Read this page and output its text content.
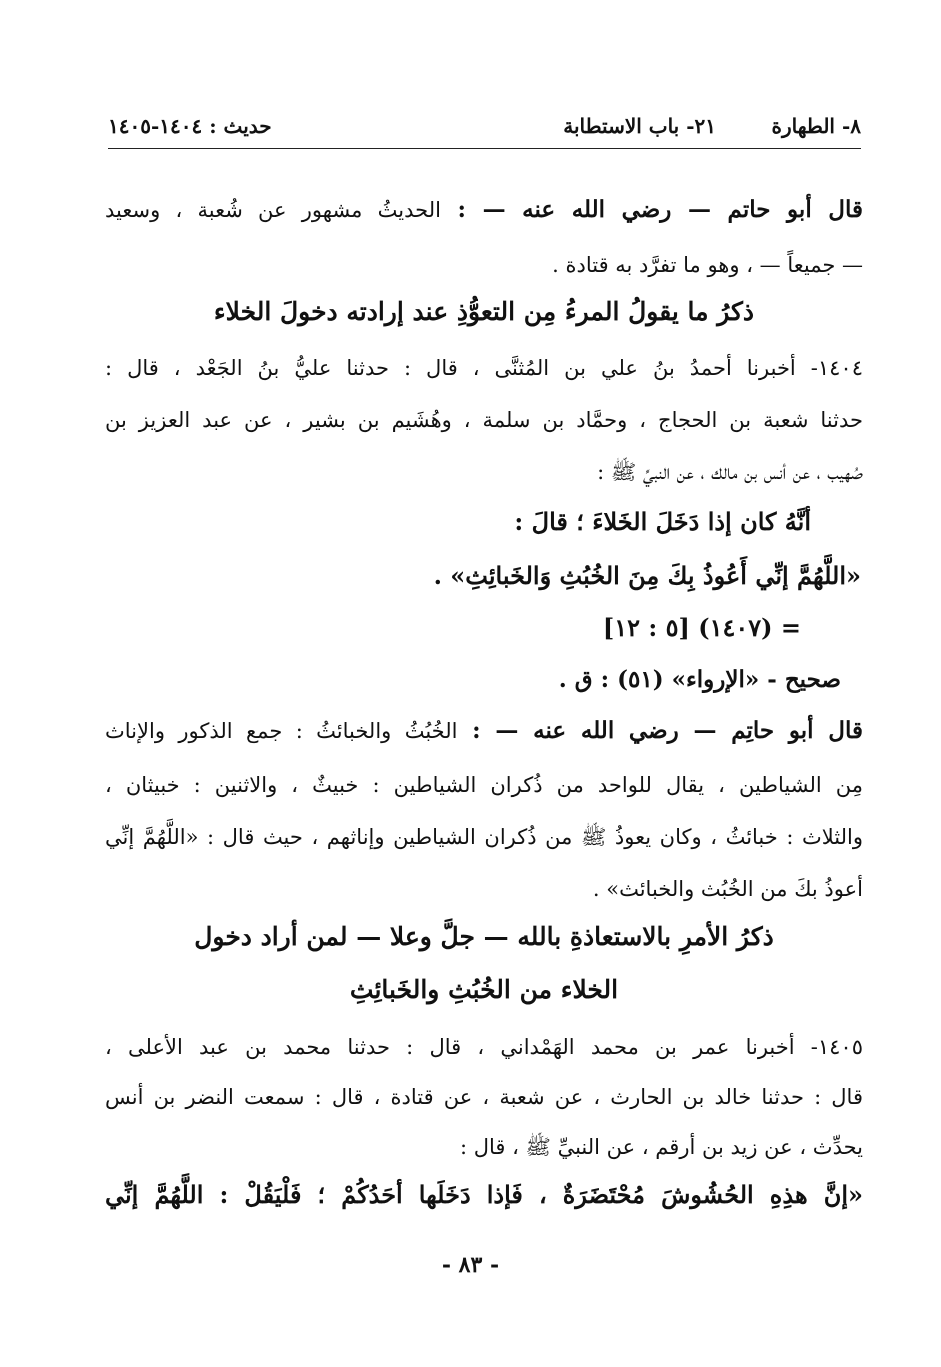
٨- الطهارة
٢١- باب الاستطابة
حديث : ١٤٠٤-١٤٠٥
قال أبو حاتم — رضي الله عنه — : الحديثُ مشهور عن شُعبة ، وسعيد
— جميعاً — ، وهو ما تفرَّد به قتادة .
ذكرُ ما يقولُ المرءُ مِن التعوُّذِ عند إرادته دخولَ الخلاء
١٤٠٤- أخبرنا أحمدُ بنُ علي بن المُثنَّى ، قال : حدثنا عليُّ بنُ الجَعْد ، قال :
حدثنا شعبة بن الحجاج ، وحمَّاد بن سلمة ، وهُشَيم بن بشير ، عن عبد العزيز بن
صُهيب ، عن أنس بن مالك ، عن النبيِّ ﷺ :
أنَّهُ كان إذا دَخَلَ الخَلاءَ ؛ قالَ :
«اللَّهُمَّ إنِّي أَعُوذُ بِكَ مِنَ الخُبُثِ وَالخَبائِثِ» .
= (١٤٠٧) [٥ : ١٢]
صحيح - «الإرواء» (٥١) : ق .
قال أبو حاتِم — رضي الله عنه — : الخُبُثُ والخبائثُ : جمع الذكور والإناث
مِن الشياطين ، يقال للواحد من ذُكران الشياطين : خبيثٌ ، والاثنين : خبيثان ،
والثلاث : خبائثُ ، وكان يعوذُ ﷺ من ذُكران الشياطين وإناثهم ، حيث قال : «اللَّهُمَّ إنِّي
أعوذُ بكَ من الخُبُث والخبائث» .
ذكرُ الأمرِ بالاستعاذةِ بالله — جلَّ وعلا — لمن أراد دخول
الخلاء من الخُبُثِ والخَبائِثِ
١٤٠٥- أخبرنا عمر بن محمد الهَمْداني ، قال : حدثنا محمد بن عبد الأعلى ،
قال : حدثنا خالد بن الحارث ، عن شعبة ، عن قتادة ، قال : سمعت النضر بن أنس
يحدِّث ، عن زيد بن أرقم ، عن النبيِّ ﷺ ، قال :
«إنَّ هذِهِ الحُشُوشَ مُحْتَضَرَةٌ ، فَإذا دَخَلَها أحَدُكُمْ ؛ فَلْيَقُلْ : اللَّهُمَّ إنِّي
- ٨٣ -
